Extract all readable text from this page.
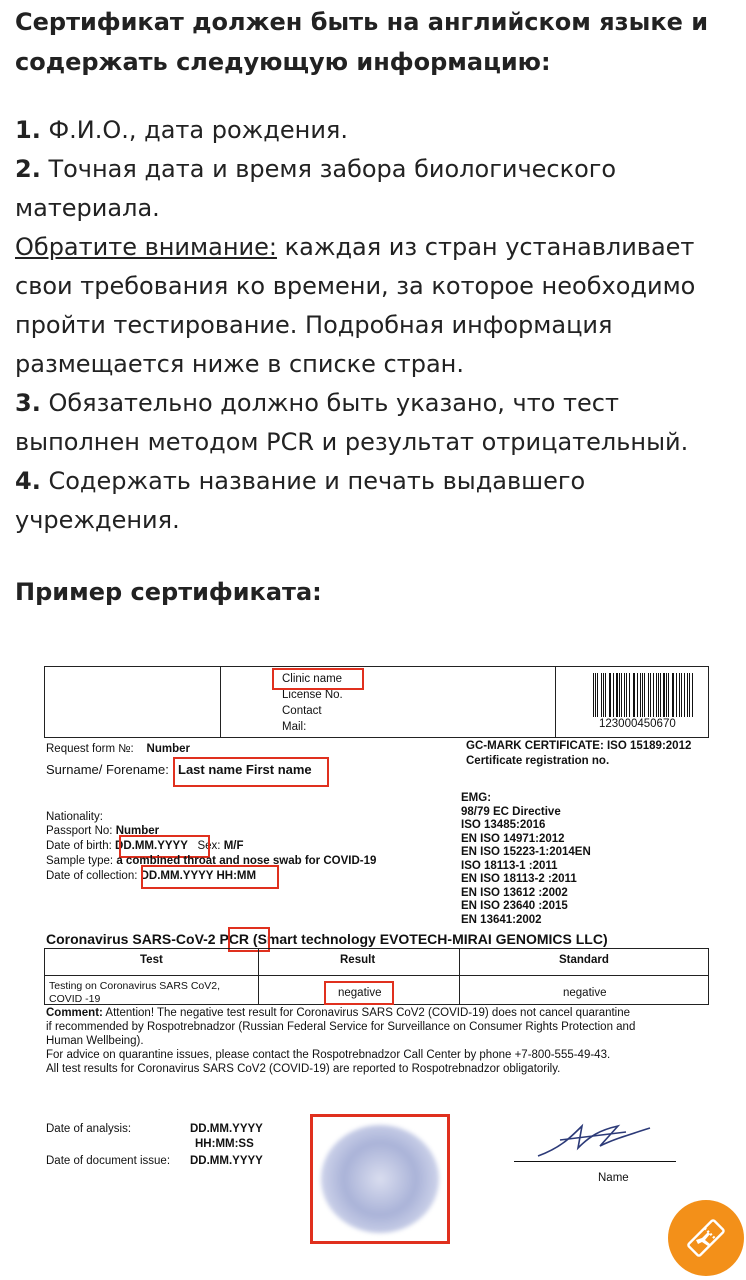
Сертификат должен быть на английском языке и содержать следующую информацию:
1. Ф.И.О., дата рождения.
2. Точная дата и время забора биологического материала.
Обратите внимание: каждая из стран устанавливает свои требования ко времени, за которое необходимо пройти тестирование. Подробная информация размещается ниже в списке стран.
3. Обязательно должно быть указано, что тест выполнен методом PCR и результат отрицательный.
4. Содержать название и печать выдавшего учреждения.
Пример сертификата:
Clinic name
License No.
Contact
Mail:	123000450670
Request form №: Number
Surname/ Forename: Last name First name
GC-MARK CERTIFICATE: ISO 15189:2012
Certificate registration no.
Nationality:
Passport No: Number
Date of birth: DD.MM.YYYY Sex: M/F
Sample type: a combined throat and nose swab for COVID-19
Date of collection: DD.MM.YYYY HH:MM
EMG:
98/79 EC Directive
ISO 13485:2016
EN ISO 14971:2012
EN ISO 15223-1:2014EN
ISO 18113-1 :2011
EN ISO 18113-2 :2011
EN ISO 13612 :2002
EN ISO 23640 :2015
EN 13641:2002
Coronavirus SARS-CoV-2 PCR (Smart technology EVOTECH-MIRAI GENOMICS LLC)
Test	Result	Standard
Testing on Coronavirus SARS CoV2, COVID -19	negative	negative
Comment: Attention! The negative test result for Coronavirus SARS CoV2 (COVID-19) does not cancel quarantine
if recommended by Rospotrebnadzor (Russian Federal Service for Surveillance on Consumer Rights Protection and
Human Wellbeing).
For advice on quarantine issues, please contact the Rospotrebnadzor Call Center by phone +7-800-555-49-43.
All test results for Coronavirus SARS CoV2 (COVID-19) are reported to Rospotrebnadzor obligatorily.
Date of analysis:	DD.MM.YYYY
HH:MM:SS
Date of document issue: DD.MM.YYYY
Name
